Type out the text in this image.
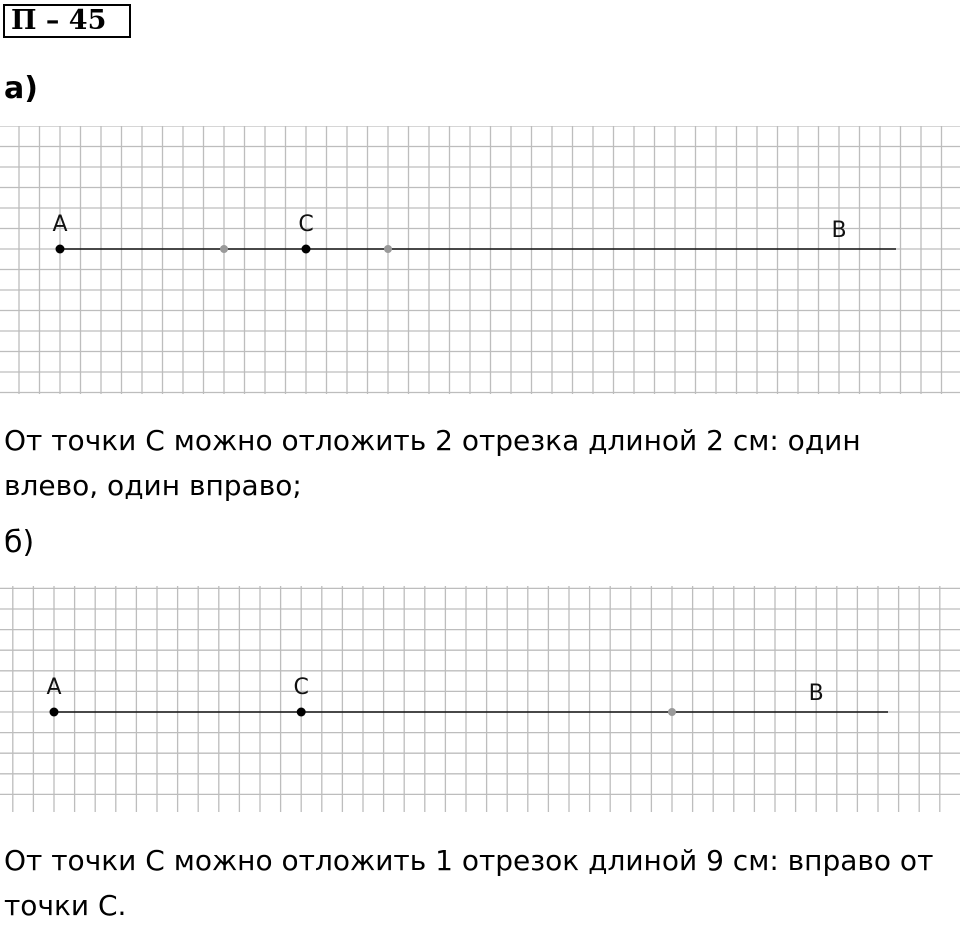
П – 45
а)
A	C	B

От точки С можно отложить 2 отрезка длиной 2 см: один влево, один вправо;

б)
A	C	B

От точки С можно отложить 1 отрезок длиной 9 см: вправо от точки С.
